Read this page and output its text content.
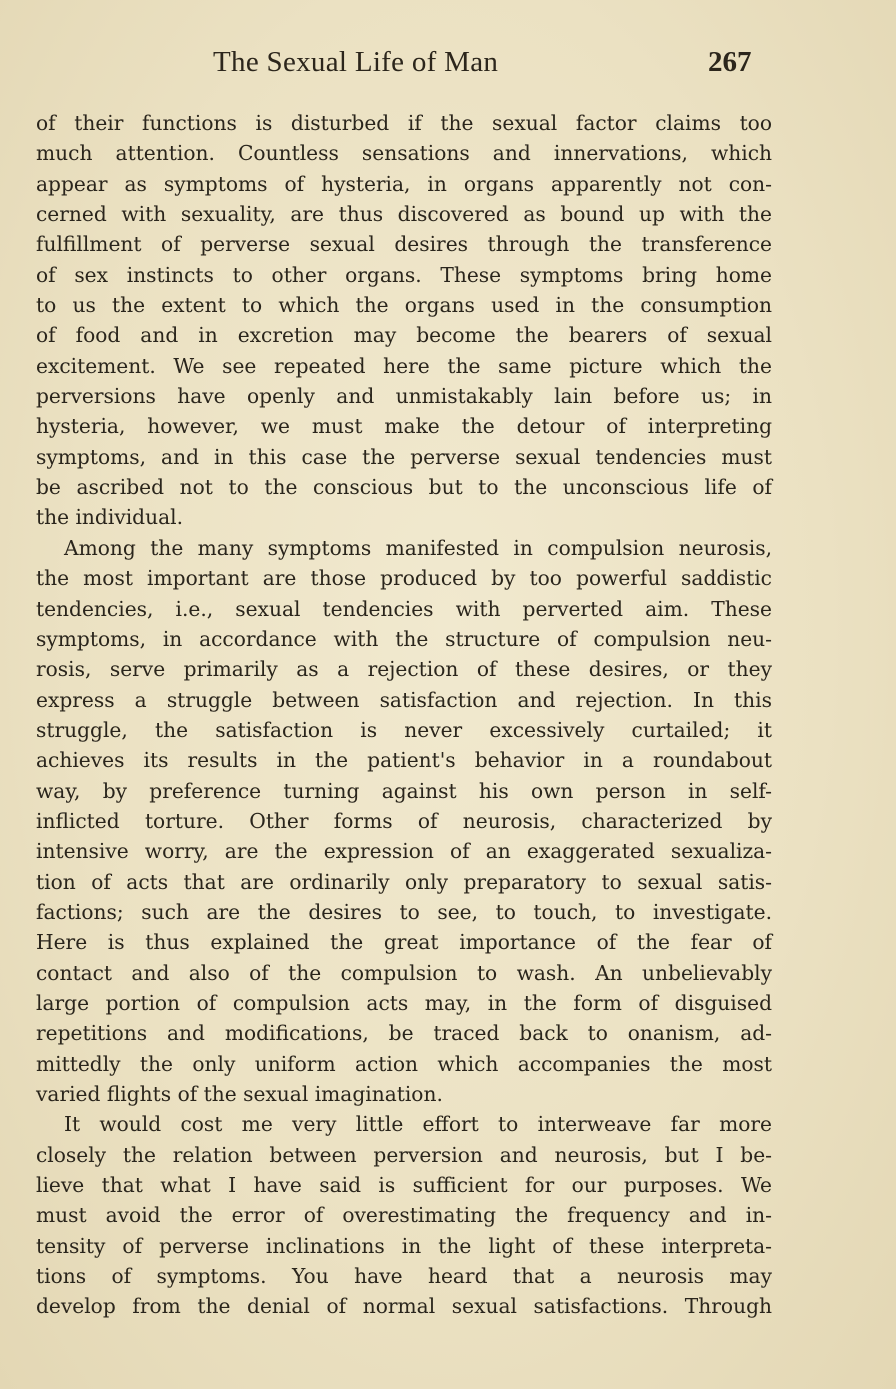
The Sexual Life of Man	267
of their functions is disturbed if the sexual factor claims too
much attention. Countless sensations and innervations, which
appear as symptoms of hysteria, in organs apparently not con-
cerned with sexuality, are thus discovered as bound up with the
fulfillment of perverse sexual desires through the transference
of sex instincts to other organs. These symptoms bring home
to us the extent to which the organs used in the consumption
of food and in excretion may become the bearers of sexual
excitement. We see repeated here the same picture which the
perversions have openly and unmistakably lain before us; in
hysteria, however, we must make the detour of interpreting
symptoms, and in this case the perverse sexual tendencies must
be ascribed not to the conscious but to the unconscious life of
the individual.
Among the many symptoms manifested in compulsion neurosis,
the most important are those produced by too powerful saddistic
tendencies, i.e., sexual tendencies with perverted aim. These
symptoms, in accordance with the structure of compulsion neu-
rosis, serve primarily as a rejection of these desires, or they
express a struggle between satisfaction and rejection. In this
struggle, the satisfaction is never excessively curtailed; it
achieves its results in the patient's behavior in a roundabout
way, by preference turning against his own person in self-
inflicted torture. Other forms of neurosis, characterized by
intensive worry, are the expression of an exaggerated sexualiza-
tion of acts that are ordinarily only preparatory to sexual satis-
factions; such are the desires to see, to touch, to investigate.
Here is thus explained the great importance of the fear of
contact and also of the compulsion to wash. An unbelievably
large portion of compulsion acts may, in the form of disguised
repetitions and modifications, be traced back to onanism, ad-
mittedly the only uniform action which accompanies the most
varied flights of the sexual imagination.
It would cost me very little effort to interweave far more
closely the relation between perversion and neurosis, but I be-
lieve that what I have said is sufficient for our purposes. We
must avoid the error of overestimating the frequency and in-
tensity of perverse inclinations in the light of these interpreta-
tions of symptoms. You have heard that a neurosis may
develop from the denial of normal sexual satisfactions. Through
